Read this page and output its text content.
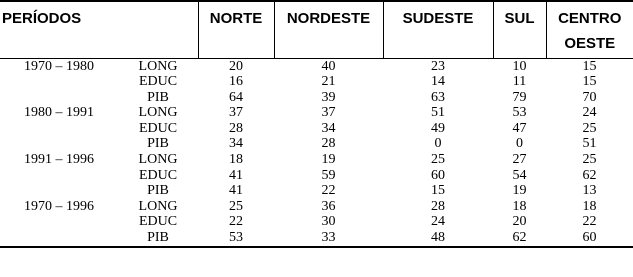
PERÍODOS		NORTE	NORDESTE	SUDESTE	SUL	CENTRO
OESTE
1970 – 1980	LONG	20	40	23	10	15
	EDUC	16	21	14	11	15
	PIB	64	39	63	79	70
1980 – 1991	LONG	37	37	51	53	24
	EDUC	28	34	49	47	25
	PIB	34	28	0	0	51
1991 – 1996	LONG	18	19	25	27	25
	EDUC	41	59	60	54	62
	PIB	41	22	15	19	13
1970 – 1996	LONG	25	36	28	18	18
	EDUC	22	30	24	20	22
	PIB	53	33	48	62	60
